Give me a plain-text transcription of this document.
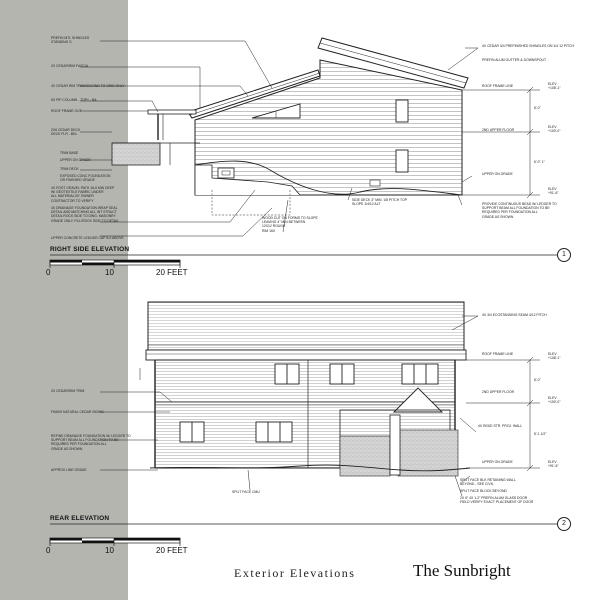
RIGHT SIDE ELEVATION
1
0	10	20 FEET
PREFIN MTL SHINGLES
STANDING S
2X CEDAR/RIM FASCIA
4X CEDAR RIM TRIM/SECOND TO GRID ONLY
6X PIP COLUMN - TOP+ - BA
ROOF FRAME OUT
2X6 CEDAR DECK
DECK FLR - BDL
TRIM BASE
UPPER ON GRADE
TRIM DECK
EXPOSED CONC FOUNDATION
OR FINISHED GRADE
4X FOOT GRAVEL PATH 18-6 MIN DEEP
W/ GEOTEXTILE FABRIC UNDER
ALL MATERIAL BY OWNER
CONTRACTOR TO VERIFY
4X DRAINAGE FOUNDATION WRAP SEAL
DETAIL AND MATCHING ALL INT STRUCT
DETAIL ROCK SIDE TO DWG. MASONRY
GRADE ONLY. FILL/ROCK SIDE TO DETAIL
UPPER CONCRETE LEDGER CAP 8-0 ABOVE
WOOD CUT ON FORMS TO SLOPE
LEAVING 4" MIN BETWEEN
12X12 ROUGH
RIM 16X
SIDE DECK 3" MIN. 1/8 PITCH TOP
SLOPE 1/4/12 ALT
4X CEDAR 3/4 PREFINISHED SHINGLES ON 1/4 12 PITCH
PREFIN ALUM GUTTER & DOWNSPOUT
ROOF FRAME LINE
2ND UPPER FLOOR
UPPER ON GRADE
PROVIDE CONTINUOUS BEAD W/ LEDGER TO
SUPPORT BEAM ALL FOUNDATION TO BE
REQUIRED PER FOUNDATION ALL
GRADE AS SHOWN
ELEV
+108'-1"
ELEV
+100'-0"
ELEV
+91'-6"
8'-0"
6'-0" 1"
REAR ELEVATION
2
0	10	20 FEET
2X CEDAR/RIM TRIM
FINISH NATURAL CEDAR SIDING
REFINE DRAINAGE FOUNDATION W/ LEDGER TO
SUPPORT BEAM ALL FOUNDATION TO BE
REQUIRED PER FOUNDATION ALL
GRADE AS SHOWN
APPROX LINE GRADE
4X 3/4 ECOSTANDING SEAM 4/12 PITCH
ROOF FRAME LINE
2ND UPPER FLOOR
UPPER ON GRADE
4X RIGID STR. PROJ. WALL
SPLIT FACE BLK RETAINING WALL
BEYOND - SEE CIVIL
SPLIT FACE BLOCK BEYOND
2X 6" 4X 1-2" PREFIN ALUM GLASS DOOR
FIELD VERIFY EXACT PLACEMENT OF DOOR
SPLIT FACE CMU
ELEV
+108'-1"
ELEV
+100'-0"
ELEV
+91'-6"
8'-0"
8'-1 1/2"
Exterior Elevations	The Sunbright
